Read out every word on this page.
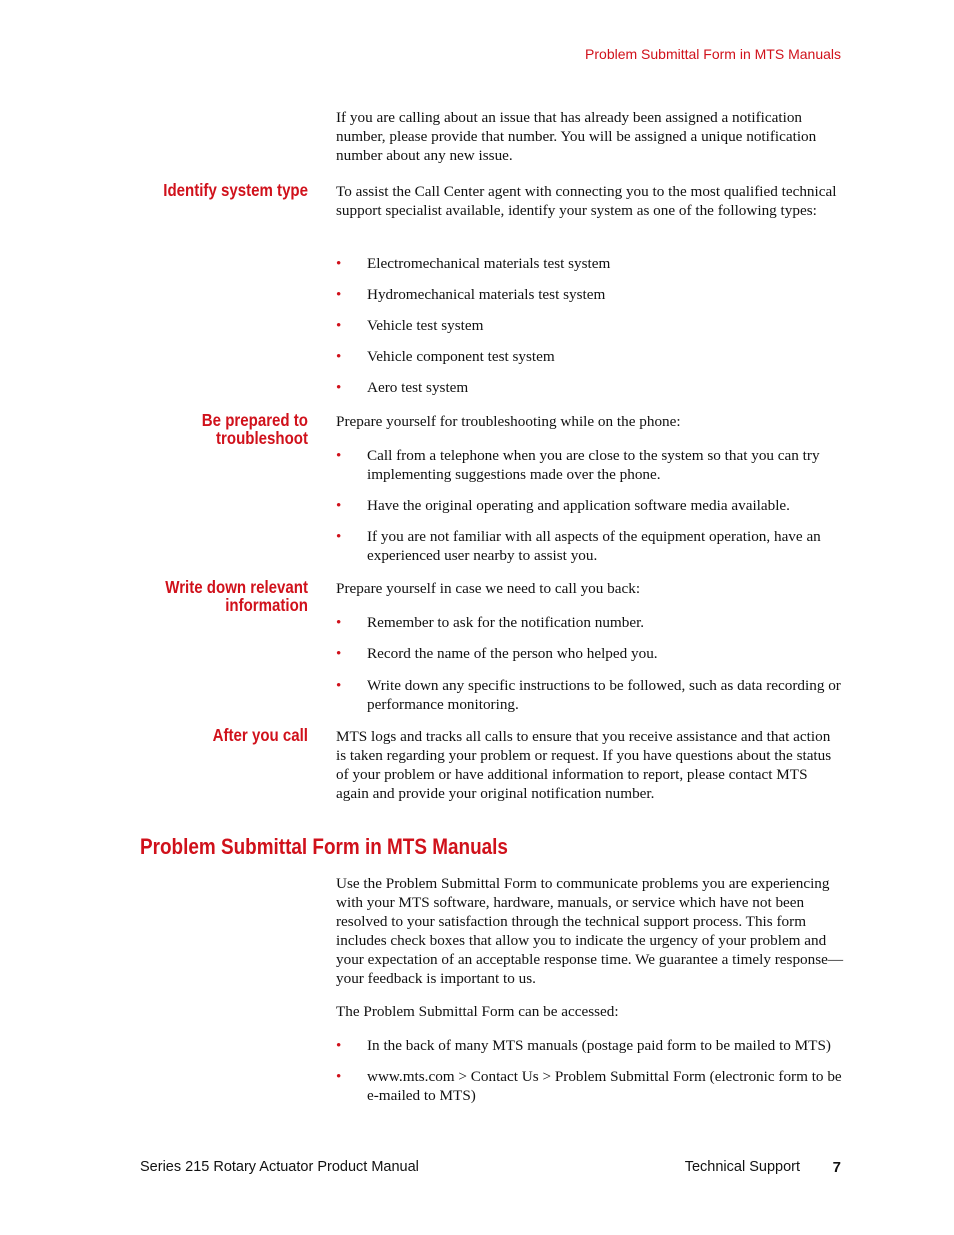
Problem Submittal Form in MTS Manuals

If you are calling about an issue that has already been assigned a notification number, please provide that number. You will be assigned a unique notification number about any new issue.

Identify system type To assist the Call Center agent with connecting you to the most qualified technical support specialist available, identify your system as one of the following types:

• Electromechanical materials test system
• Hydromechanical materials test system
• Vehicle test system
• Vehicle component test system
• Aero test system
Be prepared to
troubleshoot

Prepare yourself for troubleshooting while on the phone:

• Call from a telephone when you are close to the system so that you can try implementing suggestions made over the phone.
• Have the original operating and application software media available.
• If you are not familiar with all aspects of the equipment operation, have an experienced user nearby to assist you.
Write down relevant
information

Prepare yourself in case we need to call you back:

• Remember to ask for the notification number.
• Record the name of the person who helped you.
• Write down any specific instructions to be followed, such as data recording or performance monitoring.
After you call MTS logs and tracks all calls to ensure that you receive assistance and that action is taken regarding your problem or request. If you have questions about the status of your problem or have additional information to report, please contact MTS again and provide your original notification number.

Problem Submittal Form in MTS Manuals

Use the Problem Submittal Form to communicate problems you are experiencing with your MTS software, hardware, manuals, or service which have not been resolved to your satisfaction through the technical support process. This form includes check boxes that allow you to indicate the urgency of your problem and your expectation of an acceptable response time. We guarantee a timely response—your feedback is important to us.

The Problem Submittal Form can be accessed:

• In the back of many MTS manuals (postage paid form to be mailed to MTS)
• www.mts.com > Contact Us > Problem Submittal Form (electronic form to be e-mailed to MTS)
Series 215 Rotary Actuator Product Manual	Technical Support 7
